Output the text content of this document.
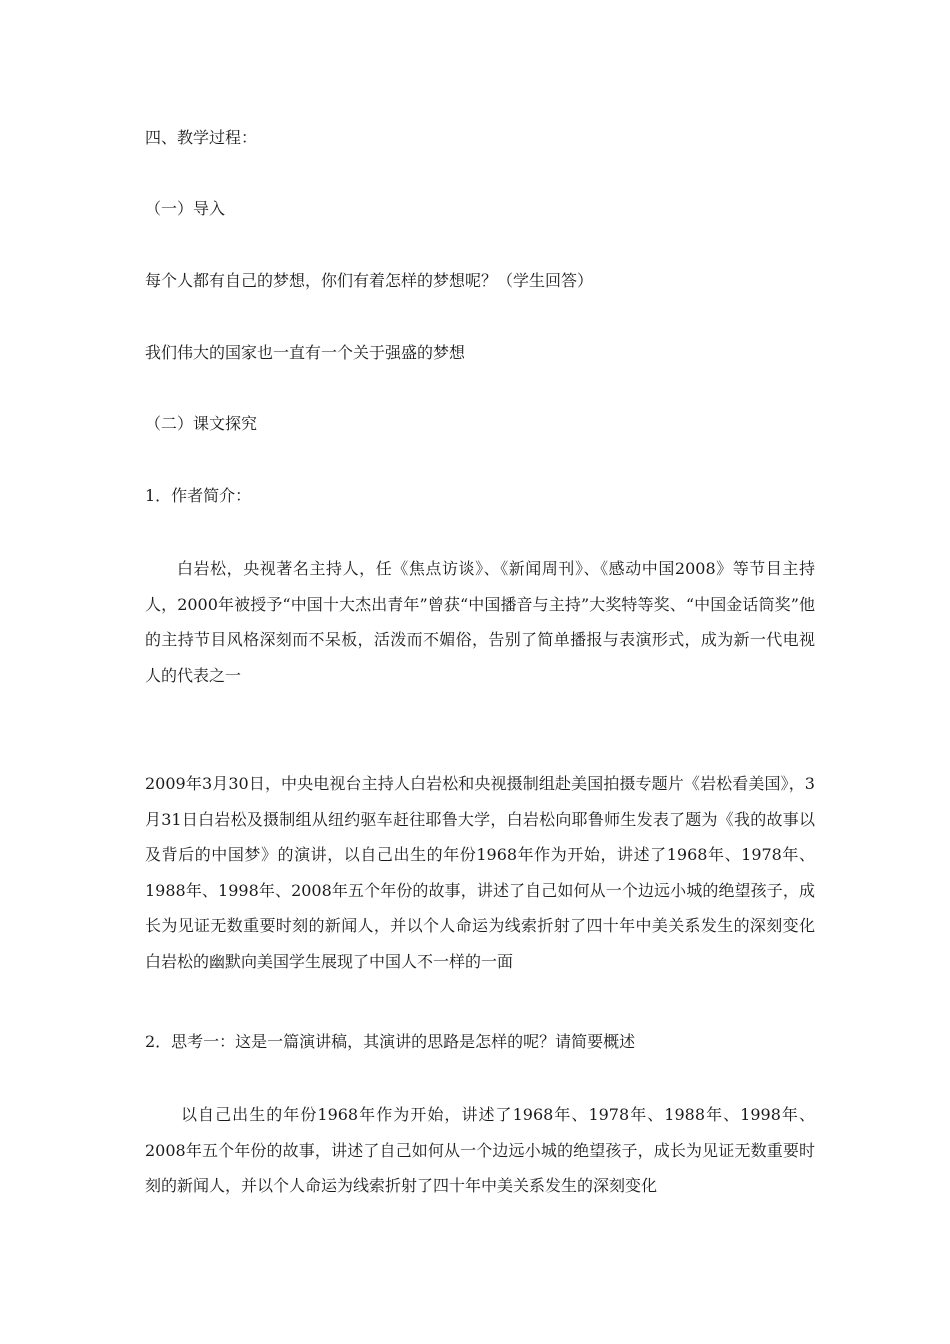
四、教学过程：
（一）导入
每个人都有自己的梦想，你们有着怎样的梦想呢？（学生回答）
我们伟大的国家也一直有一个关于强盛的梦想
（二）课文探究
1．作者简介：
白岩松，央视著名主持人，任《焦点访谈》、《新闻周刊》、《感动中国2008》等节目主持人，2000年被授予“中国十大杰出青年”曾获“中国播音与主持”大奖特等奖、“中国金话筒奖”他的主持节目风格深刻而不呆板，活泼而不媚俗，告别了简单播报与表演形式，成为新一代电视人的代表之一
2009年3月30日，中央电视台主持人白岩松和央视摄制组赴美国拍摄专题片《岩松看美国》，3月31日白岩松及摄制组从纽约驱车赶往耶鲁大学，白岩松向耶鲁师生发表了题为《我的故事以及背后的中国梦》的演讲，以自己出生的年份1968年作为开始，讲述了1968年、1978年、1988年、1998年、2008年五个年份的故事，讲述了自己如何从一个边远小城的绝望孩子，成长为见证无数重要时刻的新闻人，并以个人命运为线索折射了四十年中美关系发生的深刻变化白岩松的幽默向美国学生展现了中国人不一样的一面
2．思考一：这是一篇演讲稿，其演讲的思路是怎样的呢？请简要概述
以自己出生的年份1968年作为开始，讲述了1968年、1978年、1988年、1998年、2008年五个年份的故事，讲述了自己如何从一个边远小城的绝望孩子，成长为见证无数重要时刻的新闻人，并以个人命运为线索折射了四十年中美关系发生的深刻变化
